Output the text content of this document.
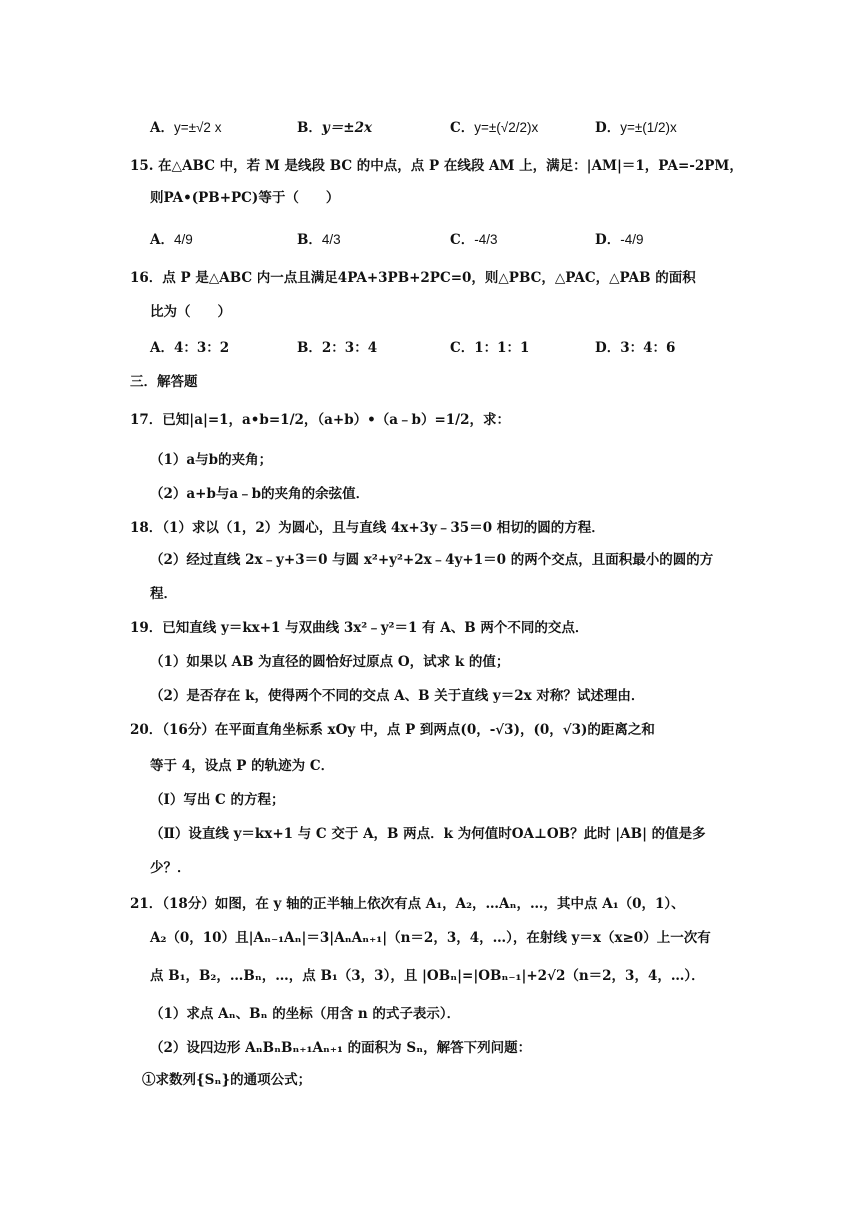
A．y=±√2 x	B．y＝±2x	C．y=±(√2/2)x	D．y=±(1/2)x
15. 在△ABC 中，若 M 是线段 BC 的中点，点 P 在线段 AM 上，满足：|AM|＝1，PA=-2PM，
则PA•(PB+PC)等于（　　）
A．4/9	B．4/3	C．-4/3	D．-4/9
16．点 P 是△ABC 内一点且满足4PA+3PB+2PC=0，则△PBC，△PAC，△PAB 的面积
比为（　　）
A．4：3：2	B．2：3：4	C．1：1：1	D．3：4：6
三．解答题
17．已知|a|=1，a•b=1/2，（a+b）•（a﹣b）=1/2，求：
（1）a与b的夹角；
（2）a+b与a﹣b的夹角的余弦值．
18．（1）求以（1，2）为圆心，且与直线 4x+3y﹣35＝0 相切的圆的方程．
（2）经过直线 2x﹣y+3＝0 与圆 x²+y²+2x﹣4y+1＝0 的两个交点，且面积最小的圆的方
程．
19．已知直线 y＝kx+1 与双曲线 3x²﹣y²＝1 有 A、B 两个不同的交点．
（1）如果以 AB 为直径的圆恰好过原点 O，试求 k 的值；
（2）是否存在 k，使得两个不同的交点 A、B 关于直线 y＝2x 对称？试述理由．
20．（16分）在平面直角坐标系 xOy 中，点 P 到两点(0，-√3)，(0，√3)的距离之和
等于 4，设点 P 的轨迹为 C．
（Ⅰ）写出 C 的方程；
（Ⅱ）设直线 y＝kx+1 与 C 交于 A，B 两点．k 为何值时OA⊥OB？此时 |AB| 的值是多
少？．
21．（18分）如图，在 y 轴的正半轴上依次有点 A₁，A₂，…Aₙ，…，其中点 A₁（0，1）、
A₂（0，10）且|Aₙ₋₁Aₙ|＝3|AₙAₙ₊₁|（n＝2，3，4，…），在射线 y＝x（x≥0）上一次有
点 B₁，B₂，…Bₙ，…，点 B₁（3，3），且 |OBₙ|=|OBₙ₋₁|+2√2（n＝2，3，4，…）．
（1）求点 Aₙ、Bₙ 的坐标（用含 n 的式子表示）．
（2）设四边形 AₙBₙBₙ₊₁Aₙ₊₁ 的面积为 Sₙ，解答下列问题：
①求数列{Sₙ}的通项公式；
